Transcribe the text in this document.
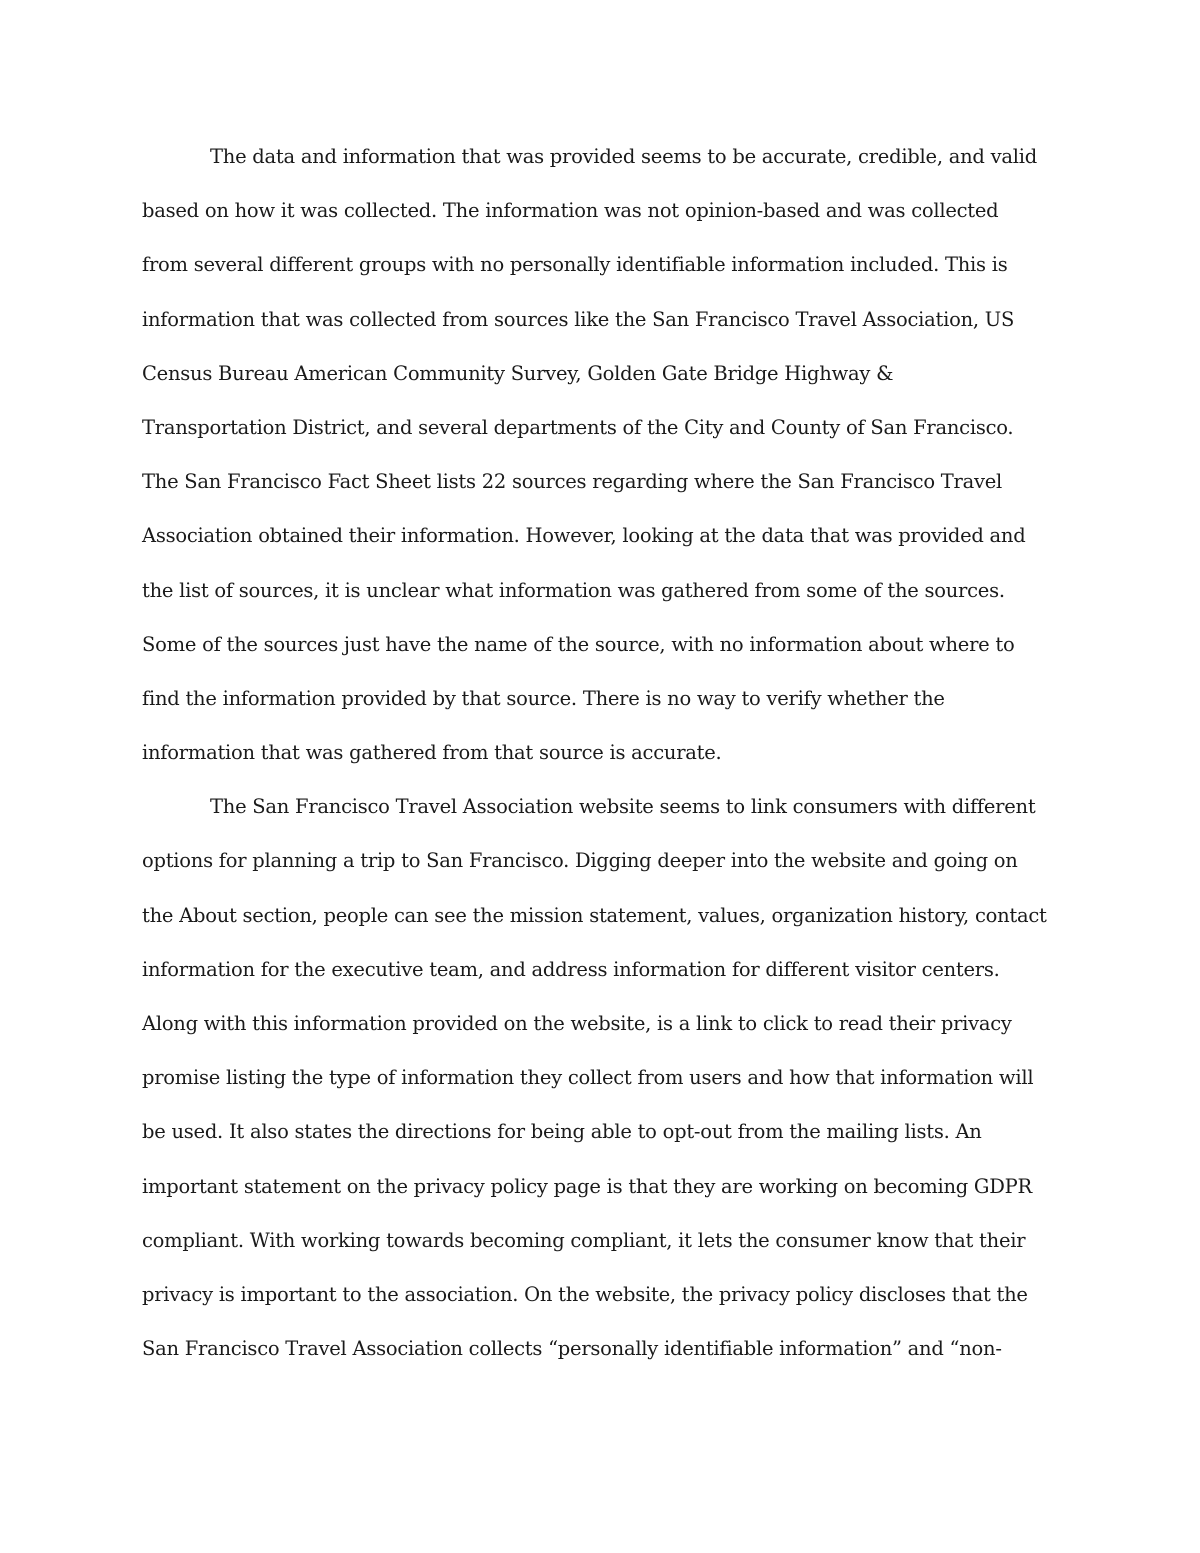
The data and information that was provided seems to be accurate, credible, and valid
based on how it was collected. The information was not opinion-based and was collected
from several different groups with no personally identifiable information included. This is
information that was collected from sources like the San Francisco Travel Association, US
Census Bureau American Community Survey, Golden Gate Bridge Highway &
Transportation District, and several departments of the City and County of San Francisco.
The San Francisco Fact Sheet lists 22 sources regarding where the San Francisco Travel
Association obtained their information. However, looking at the data that was provided and
the list of sources, it is unclear what information was gathered from some of the sources.
Some of the sources just have the name of the source, with no information about where to
find the information provided by that source. There is no way to verify whether the
information that was gathered from that source is accurate.
The San Francisco Travel Association website seems to link consumers with different
options for planning a trip to San Francisco. Digging deeper into the website and going on
the About section, people can see the mission statement, values, organization history, contact
information for the executive team, and address information for different visitor centers.
Along with this information provided on the website, is a link to click to read their privacy
promise listing the type of information they collect from users and how that information will
be used. It also states the directions for being able to opt-out from the mailing lists. An
important statement on the privacy policy page is that they are working on becoming GDPR
compliant. With working towards becoming compliant, it lets the consumer know that their
privacy is important to the association. On the website, the privacy policy discloses that the
San Francisco Travel Association collects “personally identifiable information” and “non-
